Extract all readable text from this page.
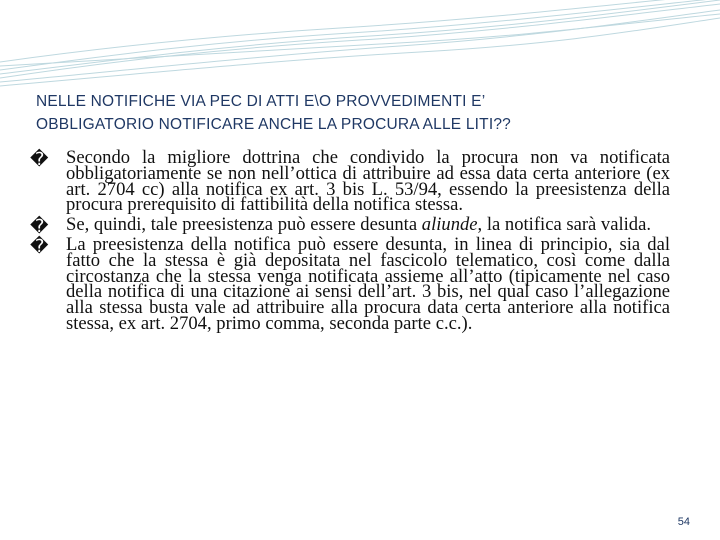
NELLE NOTIFICHE VIA PEC DI ATTI E\O PROVVEDIMENTI E’
OBBLIGATORIO NOTIFICARE ANCHE LA PROCURA ALLE LITI??
� Secondo la migliore dottrina che condivido la procura non va notificata obbligatoriamente se non nell’ottica di attribuire ad essa data certa anteriore (ex art. 2704 cc) alla notifica ex art. 3 bis L. 53/94, essendo la preesistenza della procura prerequisito di fattibilità della notifica stessa.
� Se, quindi, tale preesistenza può essere desunta aliunde, la notifica sarà valida.
� La preesistenza della notifica può essere desunta, in linea di principio, sia dal fatto che la stessa è già depositata nel fascicolo telematico, così come dalla circostanza che la stessa venga notificata assieme all’atto (tipicamente nel caso della notifica di una citazione ai sensi dell’art. 3 bis, nel qual caso l’allegazione alla stessa busta vale ad attribuire alla procura data certa anteriore alla notifica stessa, ex art. 2704, primo comma, seconda parte c.c.).
54
